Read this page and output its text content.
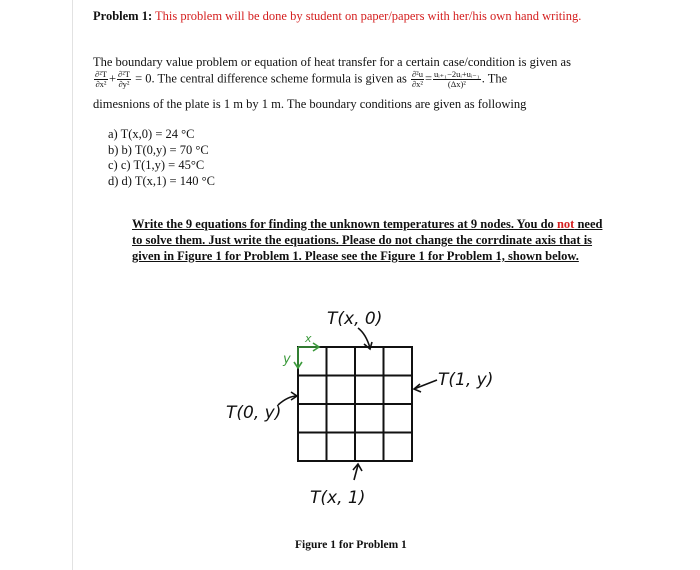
Problem 1: This problem will be done by student on paper/papers with her/his own hand writing.
The boundary value problem or equation of heat transfer for a certain case/condition is given as
$\frac{\text{∂²T}}{\text{∂x²}} + \frac{\text{∂²T}}{\text{∂y²}} = 0$. The central difference scheme formula is given as $\frac{\text{∂²u}}{\text{∂x²}} = \frac{\text{uᵢ₊₁−2uᵢ+uᵢ₋₁}}{\text{(Δx)²}}$ . The
dimesnions of the plate is 1 m by 1 m. The boundary conditions are given as following
a) T(x,0) = 24 °C
b) b) T(0,y) = 70 °C
c) c) T(1,y) = 45°C
d) d) T(x,1) = 140 °C
Write the 9 equations for finding the unknown temperatures at 9 nodes. You do not need to solve them. Just write the equations. Please do not change the corrdinate axis that is given in Figure 1 for Problem 1. Please see the Figure 1 for Problem 1, shown below.
x
y
T(x, 0)
T(1, y)
T(0, y)
T(x, 1)
Figure 1 for Problem 1
